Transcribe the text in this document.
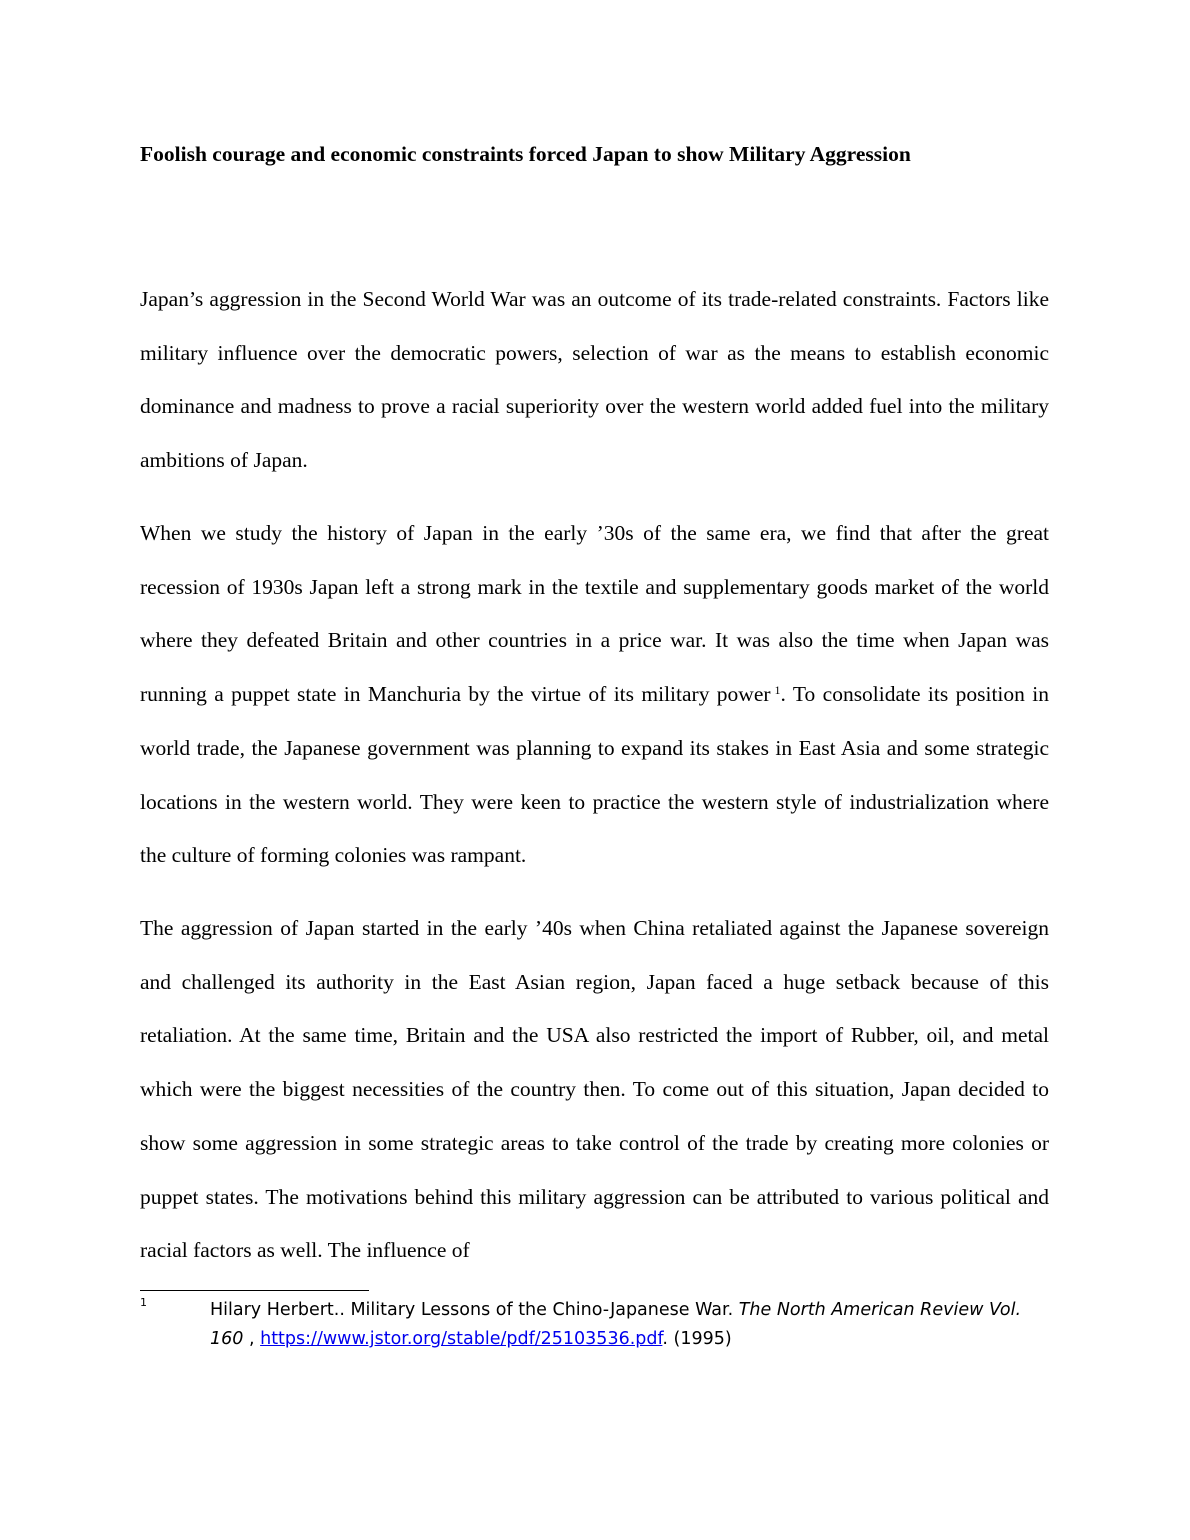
Foolish courage and economic constraints forced Japan to show Military Aggression

Japan’s aggression in the Second World War was an outcome of its trade-related constraints. Factors like military influence over the democratic powers, selection of war as the means to establish economic dominance and madness to prove a racial superiority over the western world added fuel into the military ambitions of Japan.

When we study the history of Japan in the early ’30s of the same era, we find that after the great recession of 1930s Japan left a strong mark in the textile and supplementary goods market of the world where they defeated Britain and other countries in a price war. It was also the time when Japan was running a puppet state in Manchuria by the virtue of its military power $^1$. To consolidate its position in world trade, the Japanese government was planning to expand its stakes in East Asia and some strategic locations in the western world. They were keen to practice the western style of industrialization where the culture of forming colonies was rampant.

The aggression of Japan started in the early ’40s when China retaliated against the Japanese sovereign and challenged its authority in the East Asian region, Japan faced a huge setback because of this retaliation. At the same time, Britain and the USA also restricted the import of Rubber, oil, and metal which were the biggest necessities of the country then. To come out of this situation, Japan decided to show some aggression in some strategic areas to take control of the trade by creating more colonies or puppet states. The motivations behind this military aggression can be attributed to various political and racial factors as well. The influence of

1	Hilary Herbert.. Military Lessons of the Chino-Japanese War. The North American Review Vol. 160 , https://www.jstor.org/stable/pdf/25103536.pdf. (1995)
